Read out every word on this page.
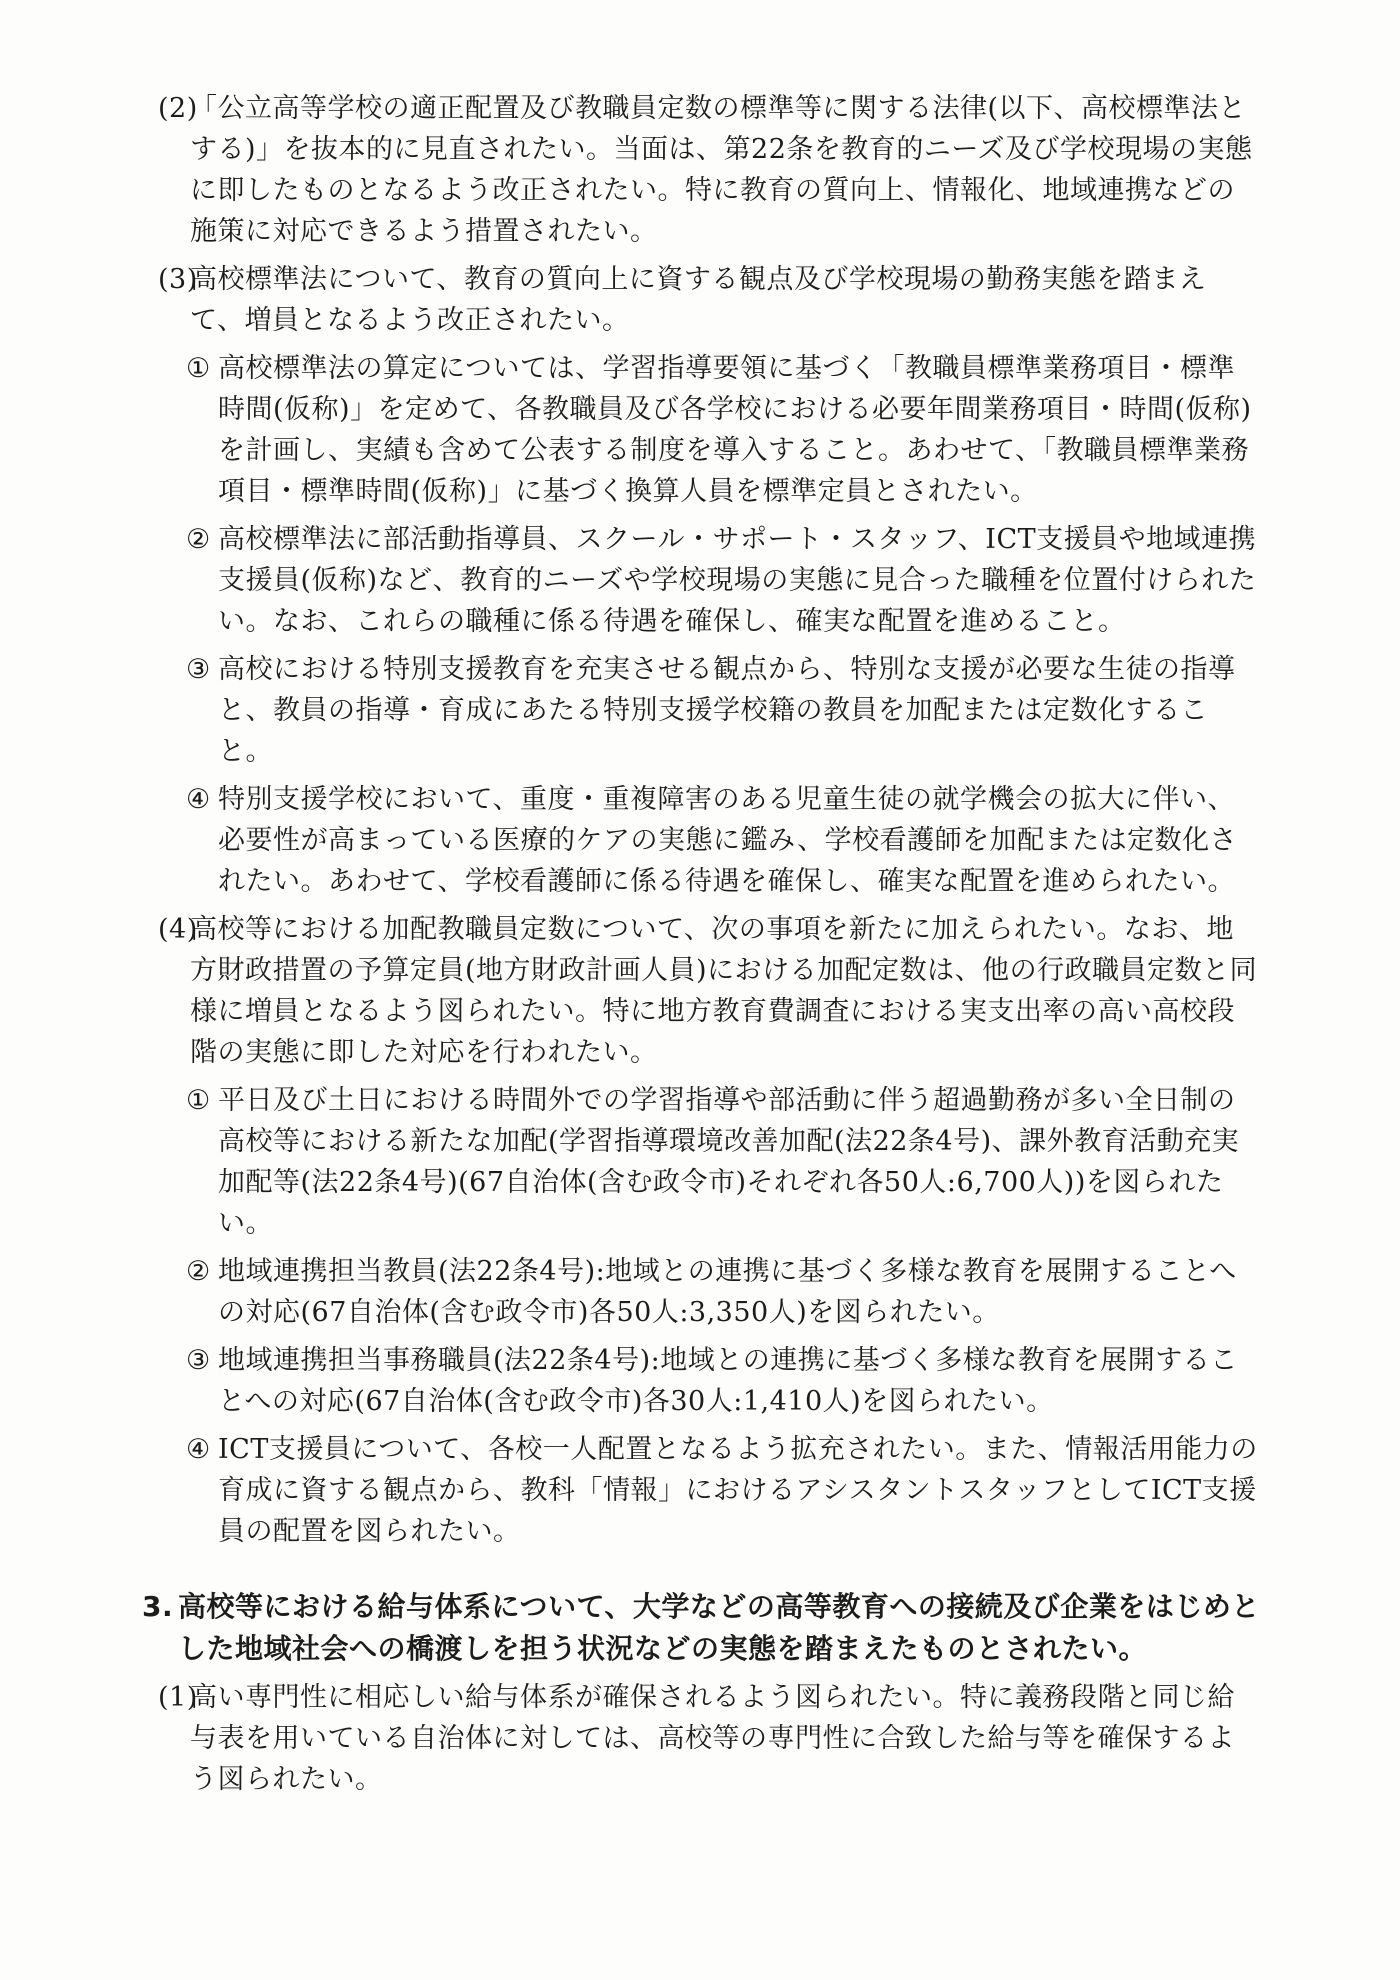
(2)
「公立高等学校の適正配置及び教職員定数の標準等に関する法律(以下、高校標準法とする)」を抜本的に見直されたい。当面は、第22条を教育的ニーズ及び学校現場の実態に即したものとなるよう改正されたい。特に教育の質向上、情報化、地域連携などの施策に対応できるよう措置されたい。
(3)
高校標準法について、教育の質向上に資する観点及び学校現場の勤務実態を踏まえて、増員となるよう改正されたい。
① 高校標準法の算定については、学習指導要領に基づく「教職員標準業務項目・標準時間(仮称)」を定めて、各教職員及び各学校における必要年間業務項目・時間(仮称)を計画し、実績も含めて公表する制度を導入すること。あわせて、「教職員標準業務項目・標準時間(仮称)」に基づく換算人員を標準定員とされたい。
② 高校標準法に部活動指導員、スクール・サポート・スタッフ、ICT支援員や地域連携支援員(仮称)など、教育的ニーズや学校現場の実態に見合った職種を位置付けられたい。なお、これらの職種に係る待遇を確保し、確実な配置を進めること。
③ 高校における特別支援教育を充実させる観点から、特別な支援が必要な生徒の指導と、教員の指導・育成にあたる特別支援学校籍の教員を加配または定数化すること。
④ 特別支援学校において、重度・重複障害のある児童生徒の就学機会の拡大に伴い、必要性が高まっている医療的ケアの実態に鑑み、学校看護師を加配または定数化されたい。あわせて、学校看護師に係る待遇を確保し、確実な配置を進められたい。
(4)
高校等における加配教職員定数について、次の事項を新たに加えられたい。なお、地方財政措置の予算定員(地方財政計画人員)における加配定数は、他の行政職員定数と同様に増員となるよう図られたい。特に地方教育費調査における実支出率の高い高校段階の実態に即した対応を行われたい。
① 平日及び土日における時間外での学習指導や部活動に伴う超過勤務が多い全日制の高校等における新たな加配(学習指導環境改善加配(法22条4号)、課外教育活動充実加配等(法22条4号)(67自治体(含む政令市)それぞれ各50人:6,700人))を図られたい。
② 地域連携担当教員(法22条4号):地域との連携に基づく多様な教育を展開することへの対応(67自治体(含む政令市)各50人:3,350人)を図られたい。
③ 地域連携担当事務職員(法22条4号):地域との連携に基づく多様な教育を展開することへの対応(67自治体(含む政令市)各30人:1,410人)を図られたい。
④ ICT支援員について、各校一人配置となるよう拡充されたい。また、情報活用能力の育成に資する観点から、教科「情報」におけるアシスタントスタッフとしてICT支援員の配置を図られたい。
3. 高校等における給与体系について、大学などの高等教育への接続及び企業をはじめとした地域社会への橋渡しを担う状況などの実態を踏まえたものとされたい。
(1)
高い専門性に相応しい給与体系が確保されるよう図られたい。特に義務段階と同じ給与表を用いている自治体に対しては、高校等の専門性に合致した給与等を確保するよう図られたい。
